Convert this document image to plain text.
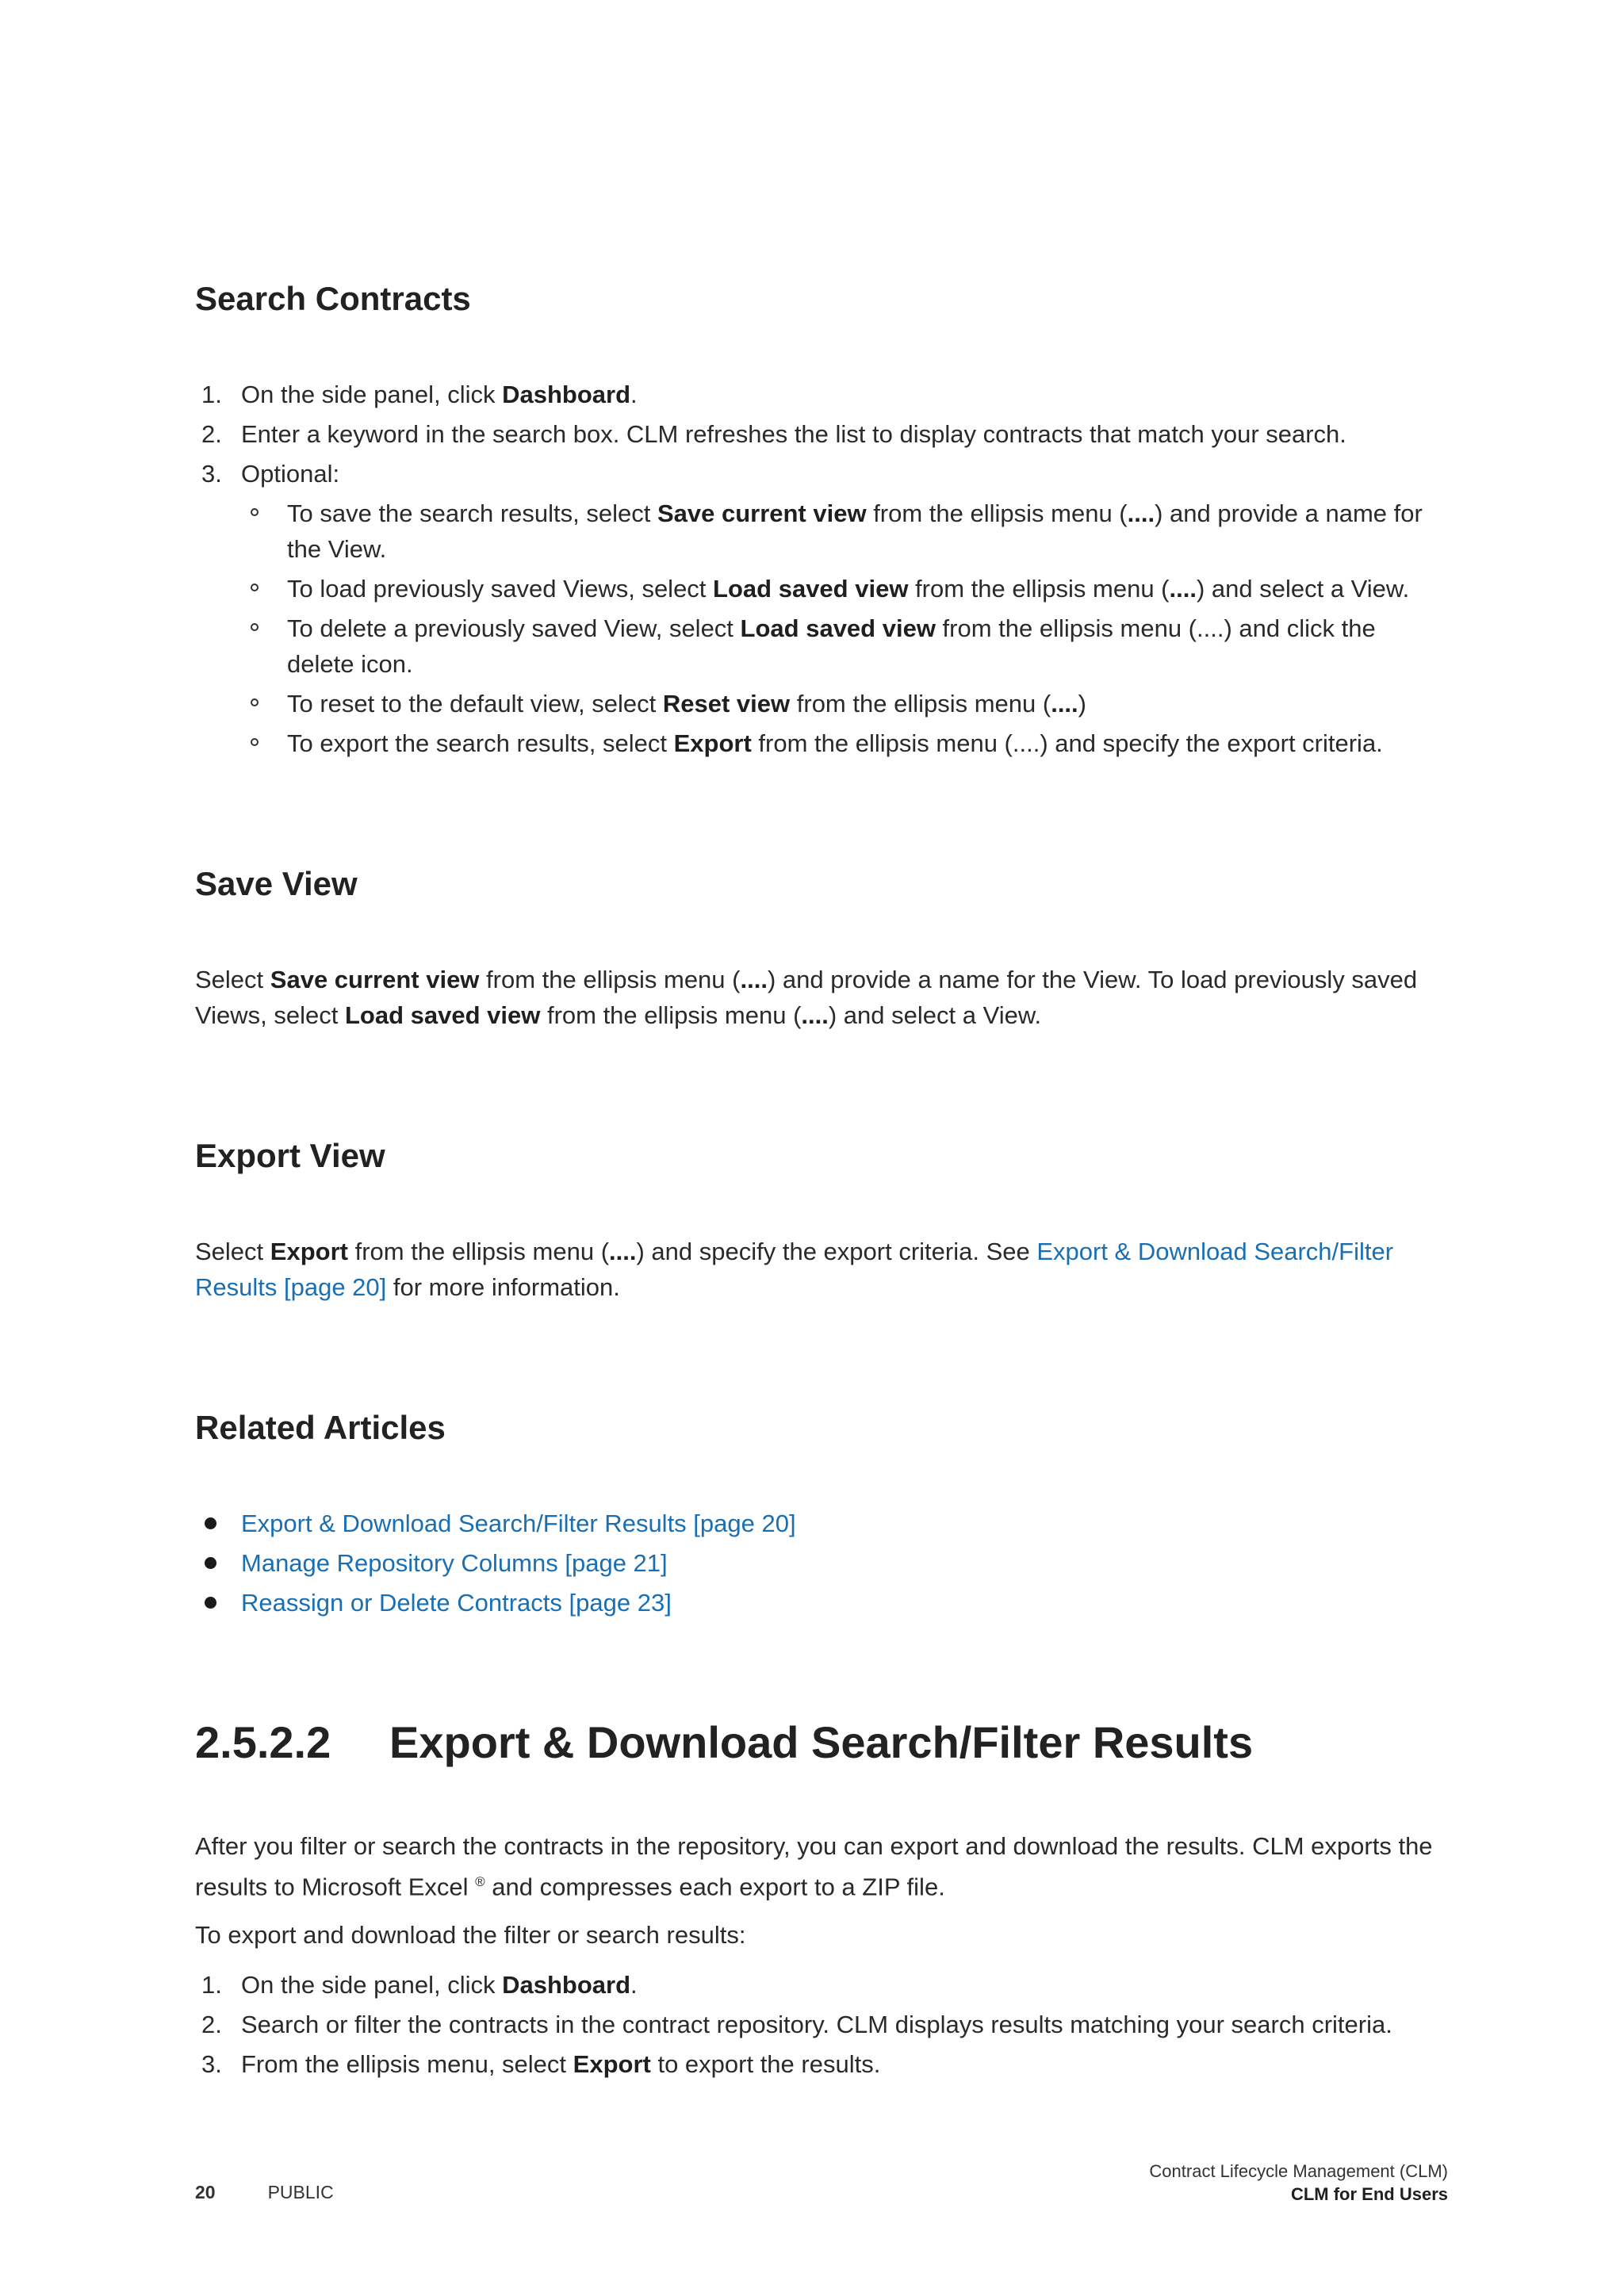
Search Contracts
1. On the side panel, click Dashboard.
2. Enter a keyword in the search box. CLM refreshes the list to display contracts that match your search.
3. Optional:
To save the search results, select Save current view from the ellipsis menu (....) and provide a name for the View.
To load previously saved Views, select Load saved view from the ellipsis menu (....) and select a View.
To delete a previously saved View, select Load saved view from the ellipsis menu (....) and click the delete icon.
To reset to the default view, select Reset view from the ellipsis menu (....)
To export the search results, select Export from the ellipsis menu (....) and specify the export criteria.
Save View

Select Save current view from the ellipsis menu (....) and provide a name for the View. To load previously saved Views, select Load saved view from the ellipsis menu (....) and select a View.

Export View

Select Export from the ellipsis menu (....) and specify the export criteria. See Export & Download Search/Filter Results [page 20] for more information.

Related Articles
Export & Download Search/Filter Results [page 20]
Manage Repository Columns [page 21]
Reassign or Delete Contracts [page 23]
2.5.2.2 Export & Download Search/Filter Results

After you filter or search the contracts in the repository, you can export and download the results. CLM exports the results to Microsoft Excel ® and compresses each export to a ZIP file.

To export and download the filter or search results:

1. On the side panel, click Dashboard.
2. Search or filter the contracts in the contract repository. CLM displays results matching your search criteria.
3. From the ellipsis menu, select Export to export the results.
20	PUBLIC
Contract Lifecycle Management (CLM)
CLM for End Users
